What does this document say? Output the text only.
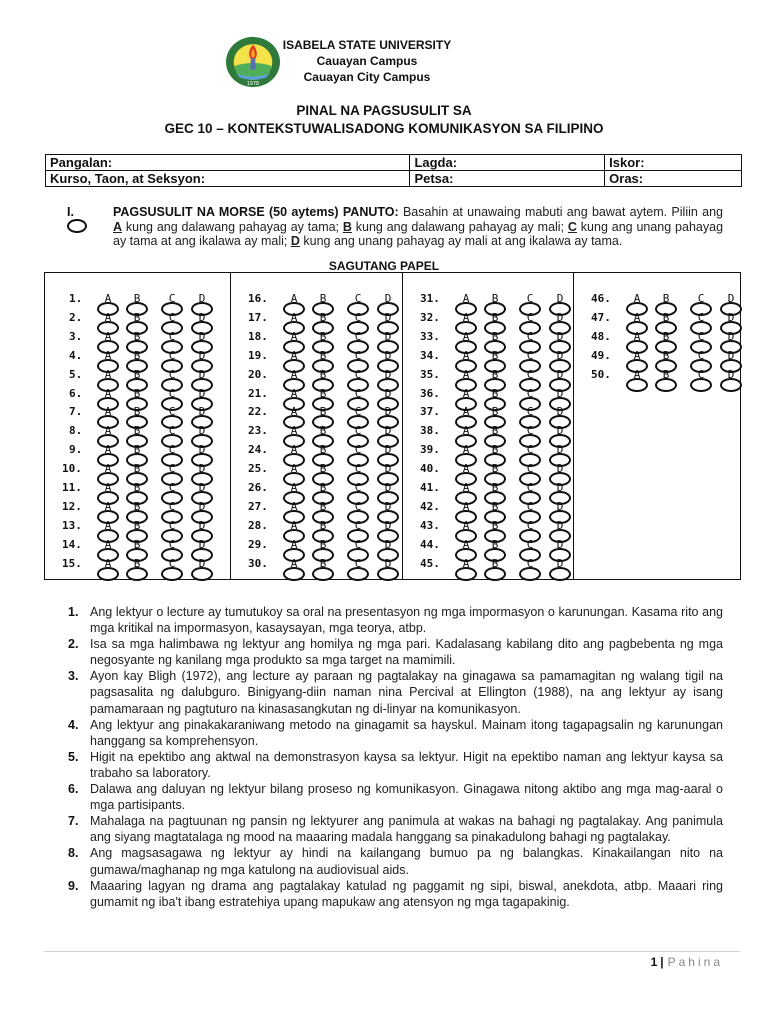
1978
ISABELA STATE UNIVERSITY
Cauayan Campus
Cauayan City Campus
PINAL NA PAGSUSULIT SA
GEC 10 – KONTEKSTUWALISADONG KOMUNIKASYON SA FILIPINO
Pangalan:	Lagda:	Iskor:
Kurso, Taon, at Seksyon:	Petsa:	Oras:
I.	PAGSUSULIT NA MORSE (50 aytems) PANUTO: Basahin at unawaing mabuti ang bawat aytem. Piliin ang A kung ang dalawang pahayag ay tama; B kung ang dalawang pahayag ay mali; C kung ang unang pahayag ay tama at ang ikalawa ay mali; D kung ang unang pahayag ay mali at ang ikalawa ay tama.
SAGUTANG PAPEL
1. A B	C D
2. A B	C D
3. A B	C D
4. A B	C D
5. A B	C D
6. A B	C D
7. A B	C D
8. A B	C D
9. A B	C D
10. A B	C D
11. A B	C D
12. A B	C D
13. A B	C D
14. A B	C D
15. A B	C D
16. A B	C D
17. A B	C D
18. A B	C D
19. A B	C D
20. A B	C D
21. A B	C D
22. A B	C D
23. A B	C D
24. A B	C D
25. A B	C D
26. A B	C D
27. A B	C D
28. A B	C D
29. A B	C D
30. A B	C D
31. A B	C D
32. A B	C D
33. A B	C D
34. A B	C D
35. A B	C D
36. A B	C D
37. A B	C D
38. A B	C D
39. A B	C D
40. A B	C D
41. A B	C D
42. A B	C D
43. A B	C D
44. A B	C D
45. A B	C D
46. A B	C D
47. A B	C D
48. A B	C D
49. A B	C D
50. A B	C D
1. Ang lektyur o lecture ay tumutukoy sa oral na presentasyon ng mga impormasyon o karunungan. Kasama rito ang mga kritikal na impormasyon, kasaysayan, mga teorya, atbp.
2. Isa sa mga halimbawa ng lektyur ang homilya ng mga pari. Kadalasang kabilang dito ang pagbebenta ng mga negosyante ng kanilang mga produkto sa mga target na mamimili.
3. Ayon kay Bligh (1972), ang lecture ay paraan ng pagtalakay na ginagawa sa pamamagitan ng walang tigil na pagsasalita ng dalubguro. Binigyang-diin naman nina Percival at Ellington (1988), na ang lektyur ay isang pamamaraan ng pagtuturo na kinasasangkutan ng di-linyar na komunikasyon.
4. Ang lektyur ang pinakakaraniwang metodo na ginagamit sa hayskul. Mainam itong tagapagsalin ng karunungan hanggang sa komprehensyon.
5. Higit na epektibo ang aktwal na demonstrasyon kaysa sa lektyur. Higit na epektibo naman ang lektyur kaysa sa trabaho sa laboratory.
6. Dalawa ang daluyan ng lektyur bilang proseso ng komunikasyon. Ginagawa nitong aktibo ang mga mag-aaral o mga partisipants.
7. Mahalaga na pagtuunan ng pansin ng lektyurer ang panimula at wakas na bahagi ng pagtalakay. Ang panimula ang siyang magtatalaga ng mood na maaaring madala hanggang sa pinakadulong bahagi ng pagtalakay.
8. Ang magsasagawa ng lektyur ay hindi na kailangang bumuo pa ng balangkas. Kinakailangan nito na gumawa/maghanap ng mga katulong na audiovisual aids.
9. Maaaring lagyan ng drama ang pagtalakay katulad ng paggamit ng sipi, biswal, anekdota, atbp. Maaari ring gumamit ng iba't ibang estratehiya upang mapukaw ang atensyon ng mga tagapakinig.
1 | Pahina
